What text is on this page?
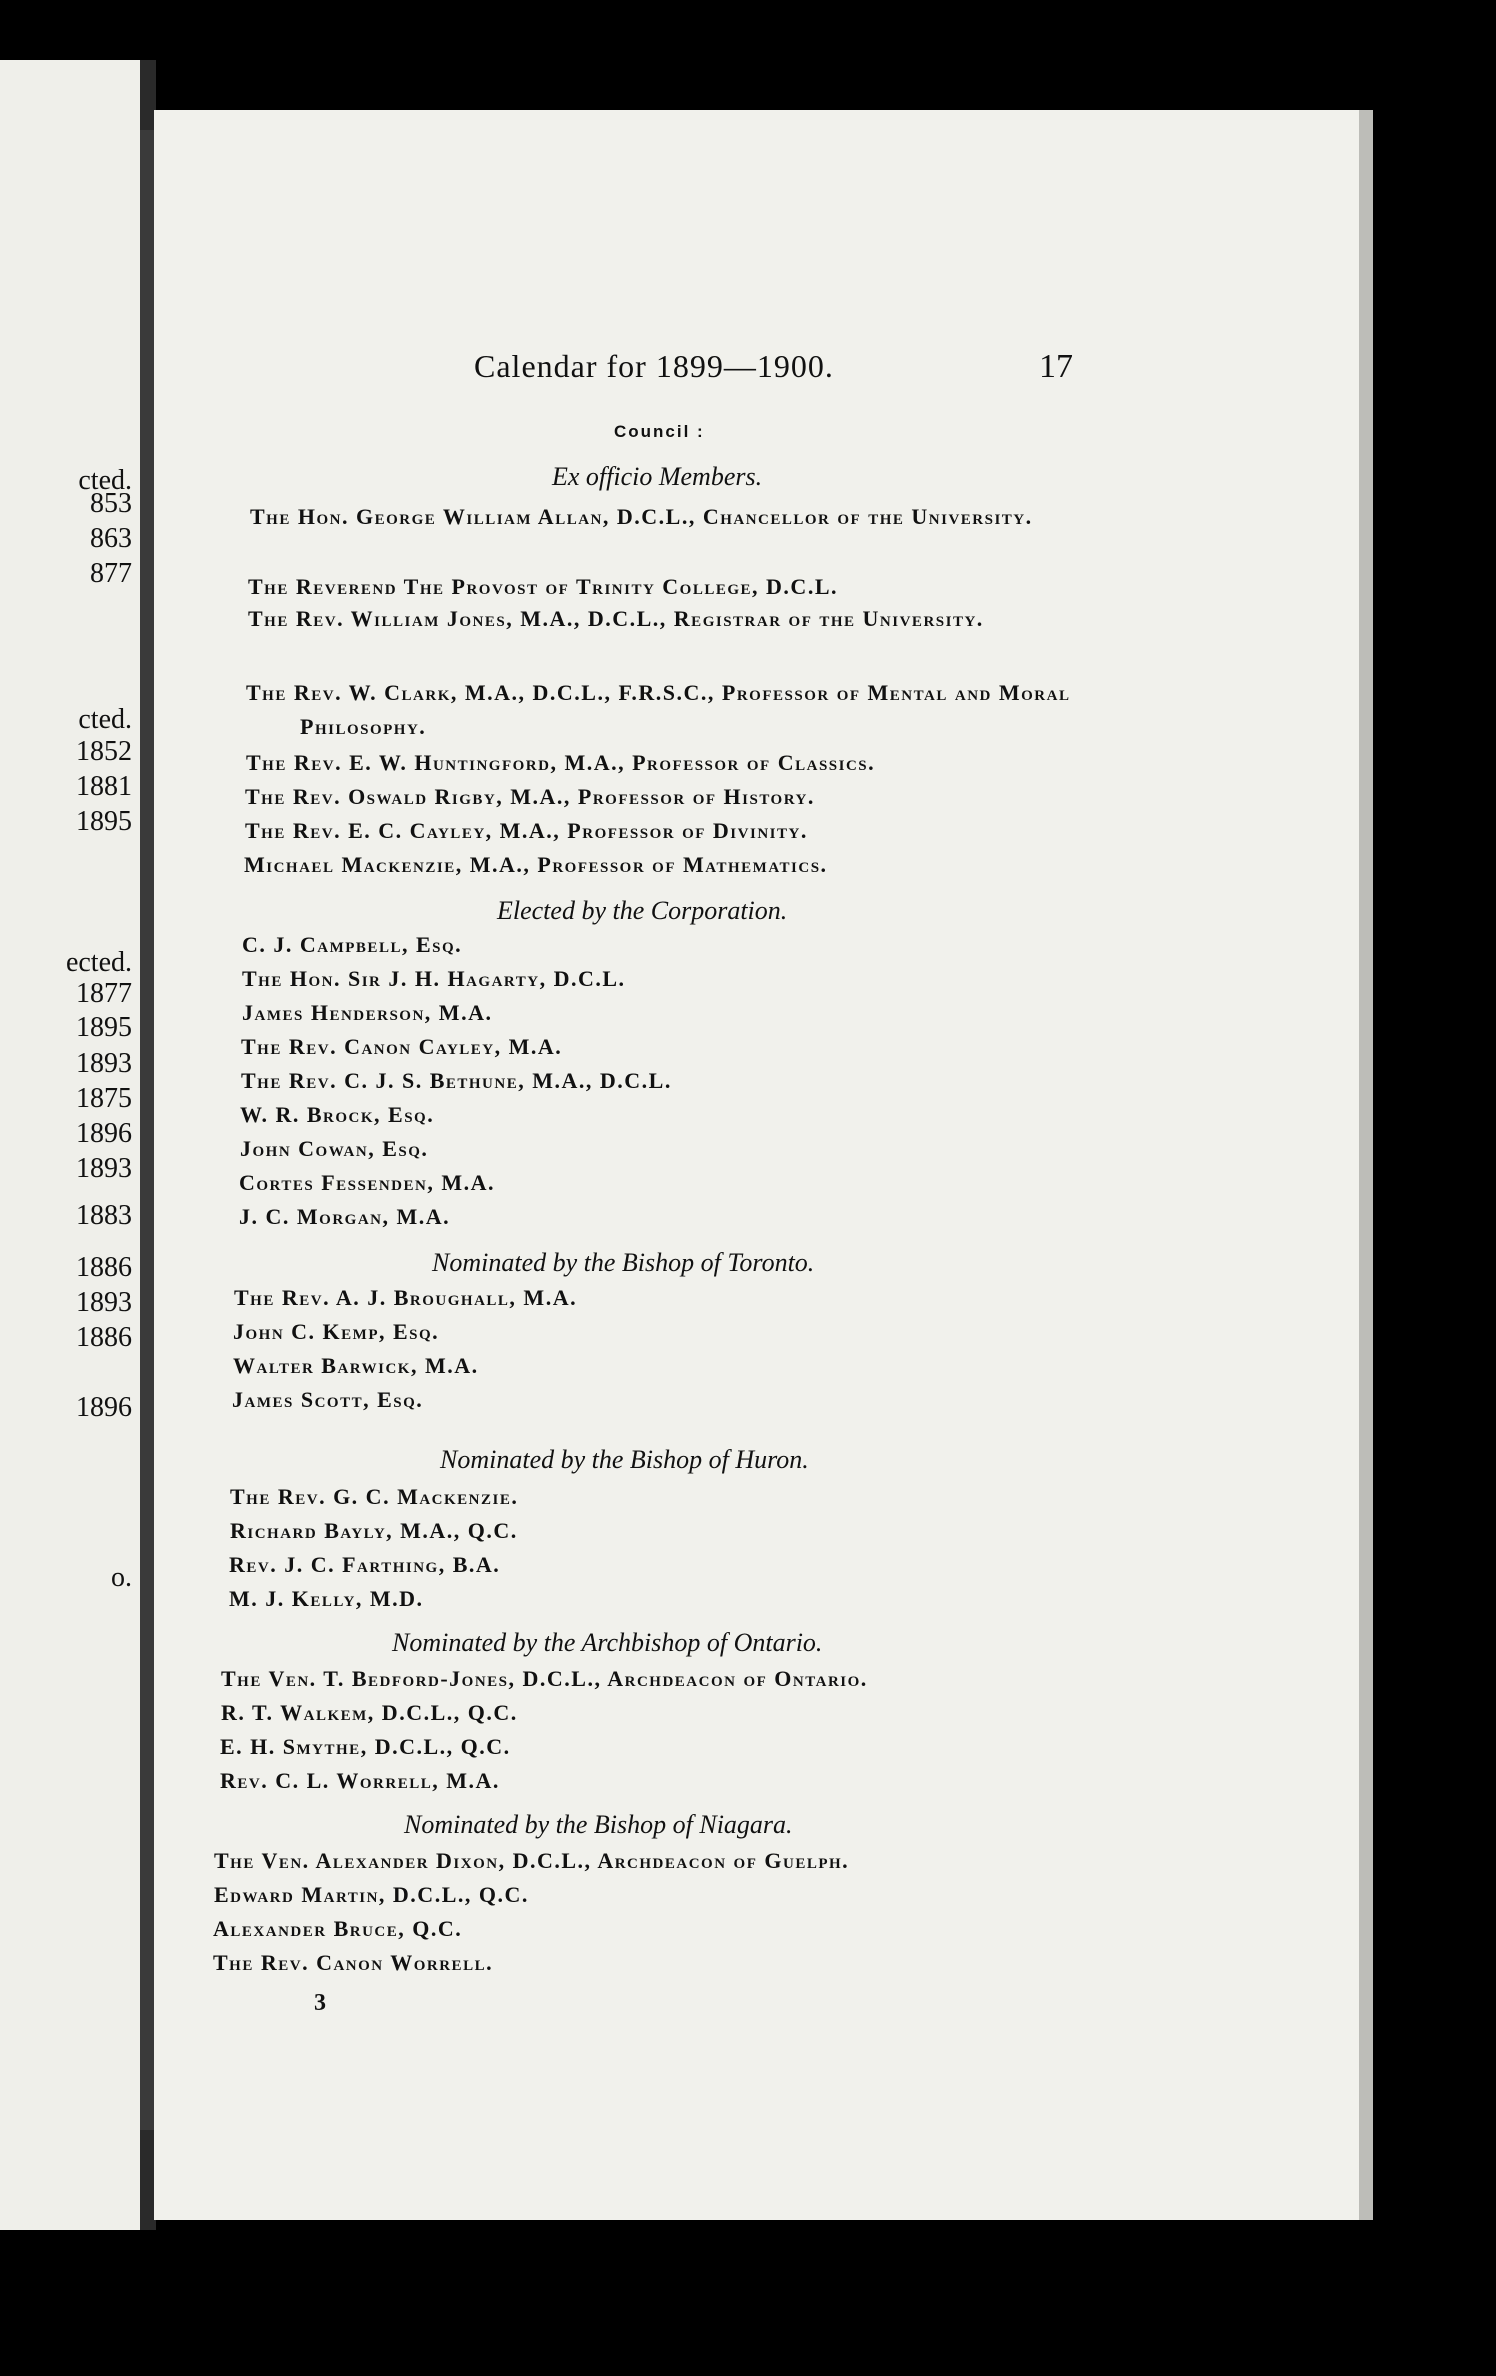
cted.
853
863
877
cted.
1852
1881
1895
ected.
1877
1895
1893
1875
1896
1893
1883
1886
1893
1886
1896
o.
Calendar for 1899—1900.	17
Council :
Ex officio Members.
The Hon. George William Allan, D.C.L., Chancellor of the University.
The Reverend The Provost of Trinity College, D.C.L.
The Rev. William Jones, M.A., D.C.L., Registrar of the University.
The Rev. W. Clark, M.A., D.C.L., F.R.S.C., Professor of Mental and Moral Philosophy.
The Rev. E. W. Huntingford, M.A., Professor of Classics.
The Rev. Oswald Rigby, M.A., Professor of History.
The Rev. E. C. Cayley, M.A., Professor of Divinity.
Michael Mackenzie, M.A., Professor of Mathematics.
Elected by the Corporation.
C. J. Campbell, Esq.
The Hon. Sir J. H. Hagarty, D.C.L.
James Henderson, M.A.
The Rev. Canon Cayley, M.A.
The Rev. C. J. S. Bethune, M.A., D.C.L.
W. R. Brock, Esq.
John Cowan, Esq.
Cortes Fessenden, M.A.
J. C. Morgan, M.A.
Nominated by the Bishop of Toronto.
The Rev. A. J. Broughall, M.A.
John C. Kemp, Esq.
Walter Barwick, M.A.
James Scott, Esq.
Nominated by the Bishop of Huron.
The Rev. G. C. Mackenzie.
Richard Bayly, M.A., Q.C.
Rev. J. C. Farthing, B.A.
M. J. Kelly, M.D.
Nominated by the Archbishop of Ontario.
The Ven. T. Bedford-Jones, D.C.L., Archdeacon of Ontario.
R. T. Walkem, D.C.L., Q.C.
E. H. Smythe, D.C.L., Q.C.
Rev. C. L. Worrell, M.A.
Nominated by the Bishop of Niagara.
The Ven. Alexander Dixon, D.C.L., Archdeacon of Guelph.
Edward Martin, D.C.L., Q.C.
Alexander Bruce, Q.C.
The Rev. Canon Worrell.
3
